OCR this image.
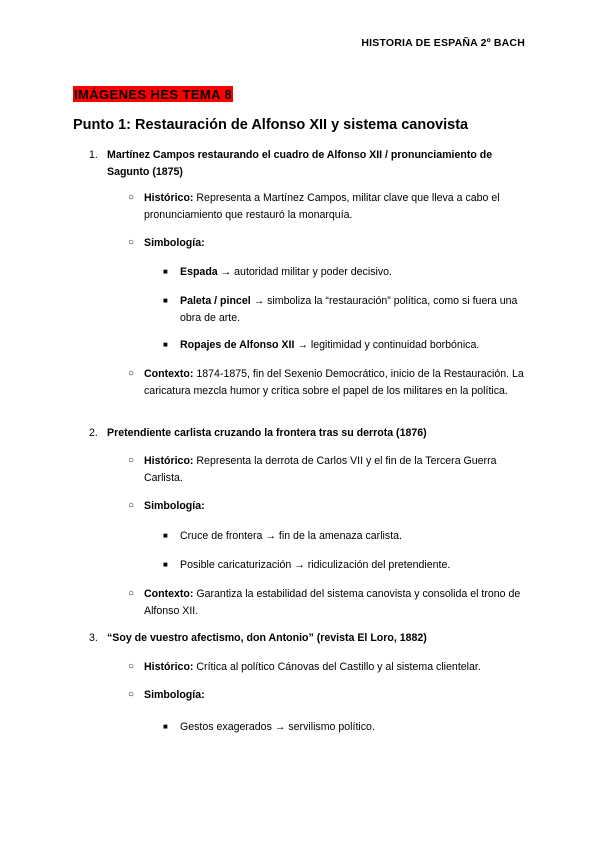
HISTORIA DE ESPAÑA 2º BACH
IMÁGENES HES TEMA 8
Punto 1: Restauración de Alfonso XII y sistema canovista
1. Martínez Campos restaurando el cuadro de Alfonso XII / pronunciamiento de Saguntо (1875)
○ Histórico: Representa a Martínez Campos, militar clave que lleva a cabo el pronunciamiento que restauró la monarquía.
○ Simbología:
■ Espada → autoridad militar y poder decisivo.
■ Paleta / pincel → simboliza la “restauración” política, como si fuera una obra de arte.
■ Ropajes de Alfonso XII → legitimidad y continuidad borbónica.
○ Contexto: 1874-1875, fin del Sexenio Democrático, inicio de la Restauración. La caricatura mezcla humor y crítica sobre el papel de los militares en la política.
2. Pretendiente carlista cruzando la frontera tras su derrota (1876)
○ Histórico: Representa la derrota de Carlos VII y el fin de la Tercera Guerra Carlista.
○ Simbología:
■ Cruce de frontera → fin de la amenaza carlista.
■ Posible caricaturización → ridiculización del pretendiente.
○ Contexto: Garantiza la estabilidad del sistema canovista y consolida el trono de Alfonso XII.
3. “Soy de vuestro afectismo, don Antonio” (revista El Loro, 1882)
○ Histórico: Crítica al político Cánovas del Castillo y al sistema clientelar.
○ Simbología:
■ Gestos exagerados → servilismo político.
